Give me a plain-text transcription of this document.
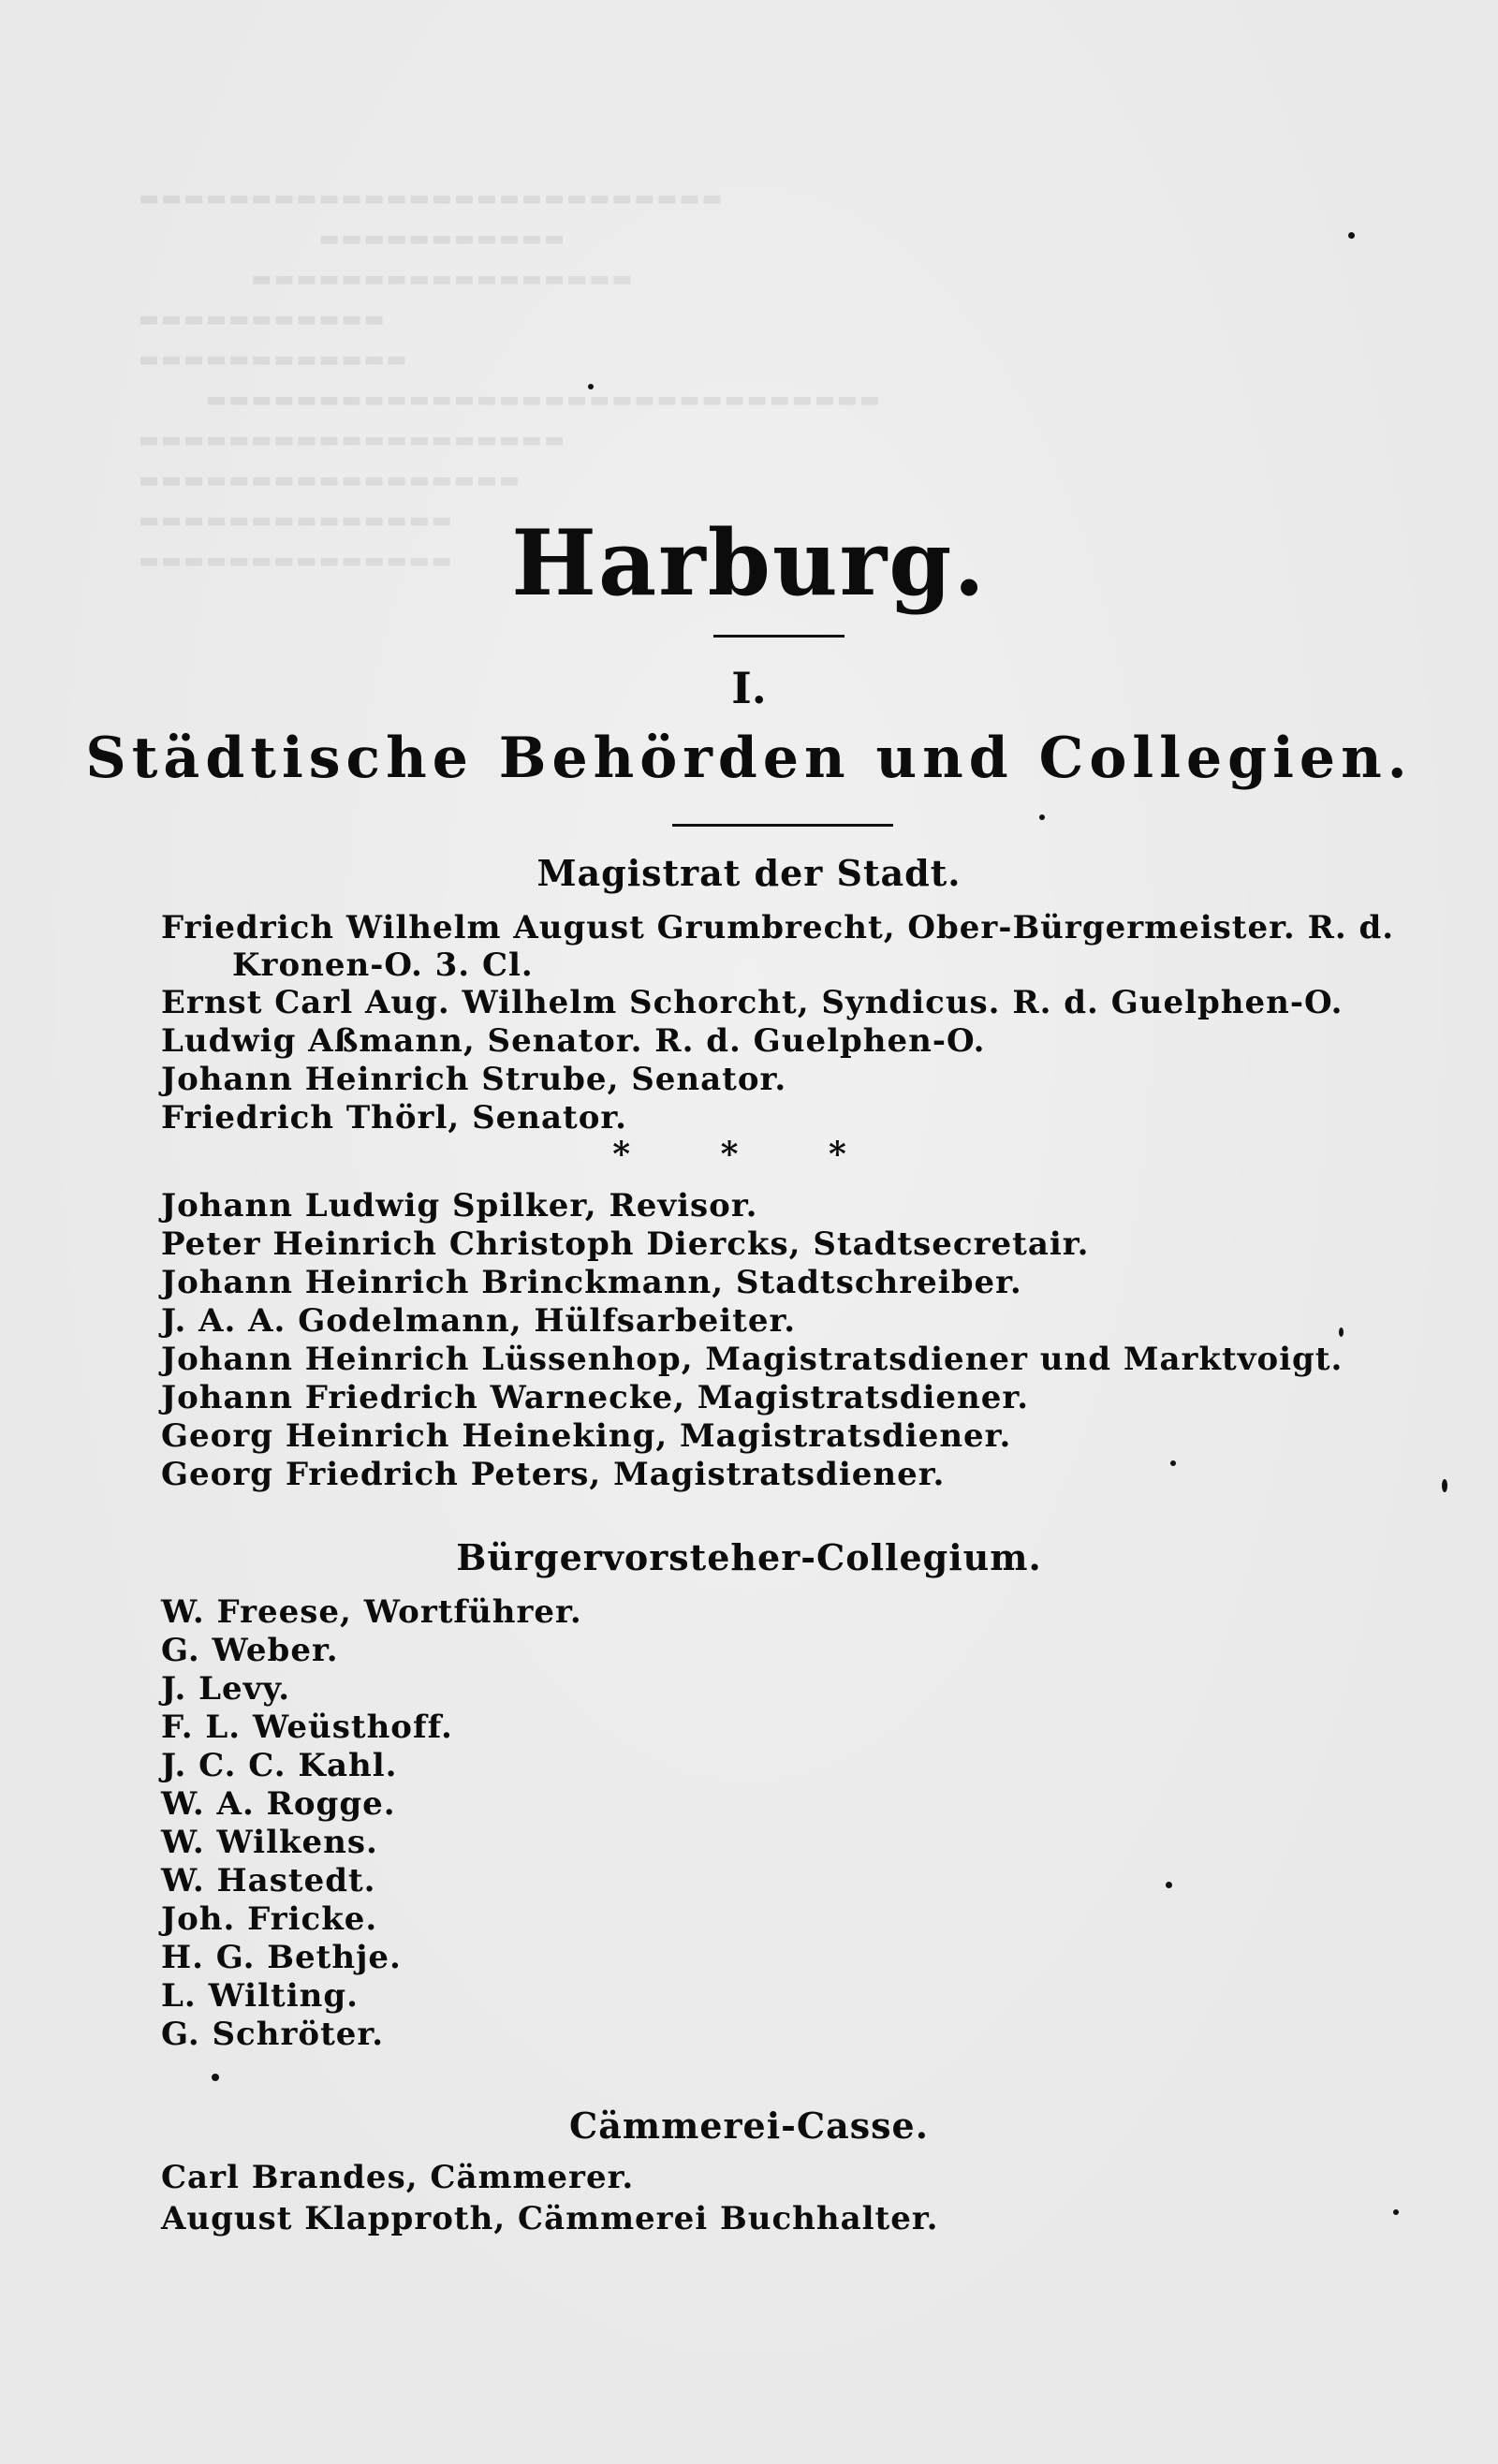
▬▬▬▬▬▬▬▬▬▬▬▬▬▬▬▬▬▬▬▬▬▬▬▬▬▬
▬▬▬▬▬▬▬▬▬▬▬
▬▬▬▬▬▬▬▬▬▬▬▬▬▬▬▬▬
▬▬▬▬▬▬▬▬▬▬▬
▬▬▬▬▬▬▬▬▬▬▬▬
▬▬▬▬▬▬▬▬▬▬▬▬▬▬▬▬▬▬▬▬▬▬▬▬▬▬▬▬▬▬
▬▬▬▬▬▬▬▬▬▬▬▬▬▬▬▬▬▬▬
▬▬▬▬▬▬▬▬▬▬▬▬▬▬▬▬▬
▬▬▬▬▬▬▬▬▬▬▬▬▬▬
▬▬▬▬▬▬▬▬▬▬▬▬▬▬ Harburg.
I.
Städtische Behörden und Collegien.
Magistrat der Stadt.
Friedrich Wilhelm August Grumbrecht, Ober-Bürgermeister. R. d.
Kronen-O. 3. Cl.
Ernst Carl Aug. Wilhelm Schorcht, Syndicus. R. d. Guelphen-O.
Ludwig Aßmann, Senator. R. d. Guelphen-O.
Johann Heinrich Strube, Senator.
Friedrich Thörl, Senator.
* * *
Johann Ludwig Spilker, Revisor.
Peter Heinrich Christoph Diercks, Stadtsecretair.
Johann Heinrich Brinckmann, Stadtschreiber.
J. A. A. Godelmann, Hülfsarbeiter.
Johann Heinrich Lüssenhop, Magistratsdiener und Marktvoigt.
Johann Friedrich Warnecke, Magistratsdiener.
Georg Heinrich Heineking, Magistratsdiener.
Georg Friedrich Peters, Magistratsdiener.
Bürgervorsteher-Collegium.
W. Freese, Wortführer.
G. Weber.
J. Levy.
F. L. Weüsthoff.
J. C. C. Kahl.
W. A. Rogge.
W. Wilkens.
W. Hastedt.
Joh. Fricke.
H. G. Bethje.
L. Wilting.
G. Schröter.
Cämmerei-Casse.
Carl Brandes, Cämmerer.
August Klapproth, Cämmerei Buchhalter.
